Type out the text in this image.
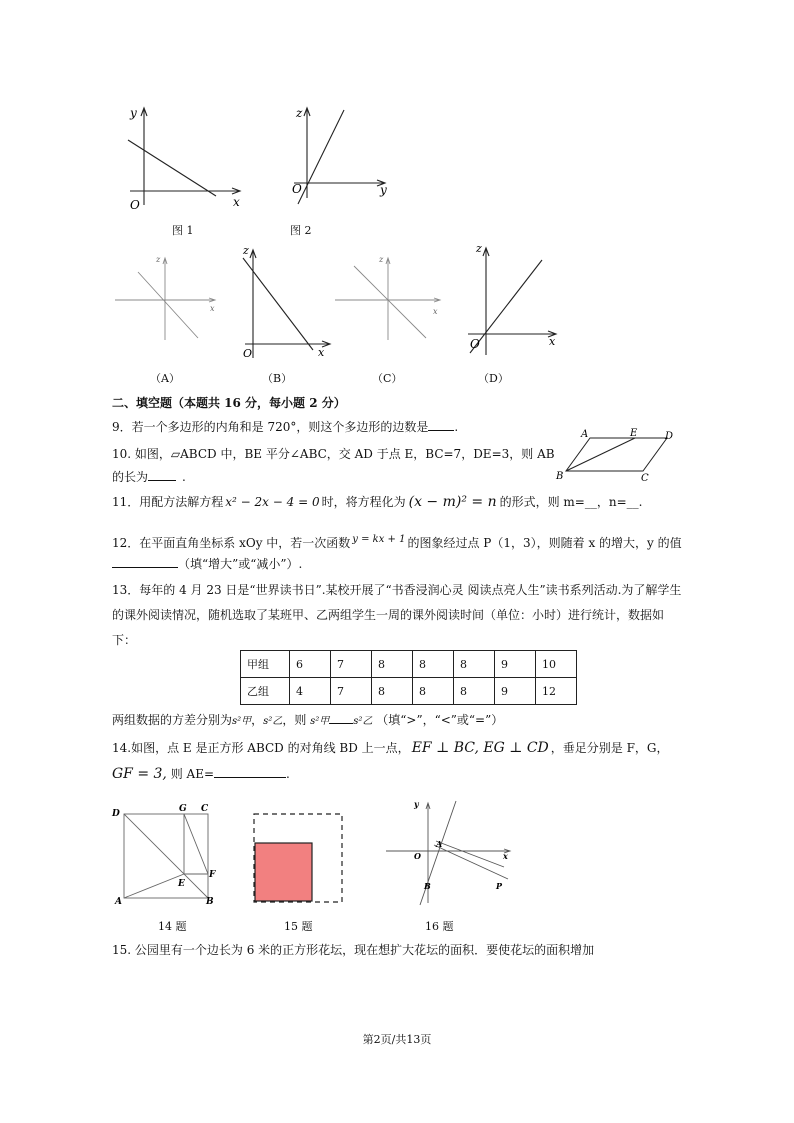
y
x
O
图 1
z
y
O
图 2
z
x
（A）
z
x
O
（B）
z
x
（C）
z
x
O
（D）
二、填空题（本题共 16 分，每小题 2 分）
9．若一个多边形的内角和是 720°，则这个多边形的边数是 .
10. 如图，▱ABCD 中，BE 平分∠ABC，交 AD 于点 E，BC=7，DE=3，则 AB
的长为	.
A	E	D
B	C
11．用配方法解方程 x² − 2x − 4 = 0 时，将方程化为 (x − m)² = n 的形式，则 m=__，n=__.
12．在平面直角坐标系 xOy 中，若一次函数 $^{y = kx + 1}$ 的图象经过点 P（1，3），则随着 x 的增大，y 的值
（填“增大”或“减小”）.
13．每年的 4 月 23 日是“世界读书日”.某校开展了“书香浸润心灵 阅读点亮人生”读书系列活动.为了解学生
的课外阅读情况，随机选取了某班甲、乙两组学生一周的课外阅读时间（单位：小时）进行统计，数据如
下：
甲组	6	7	8	8	8	9	10
乙组	4	7	8	8	8	9	12
两组数据的方差分别为s²甲，s²乙，则 s²甲 s²乙 （填“>”，“<”或“=”）
14.如图，点 E 是正方形 ABCD 的对角线 BD 上一点， EF ⊥ BC, EG ⊥ CD ，垂足分别是 F，G，
GF = 3, 则 AE=	.
D	G C
E
F
A	B
14 题	15 题
y
x
O
A
B	P
16 题
15. 公园里有一个边长为 6 米的正方形花坛，现在想扩大花坛的面积．要使花坛的面积增加
第2页/共13页
